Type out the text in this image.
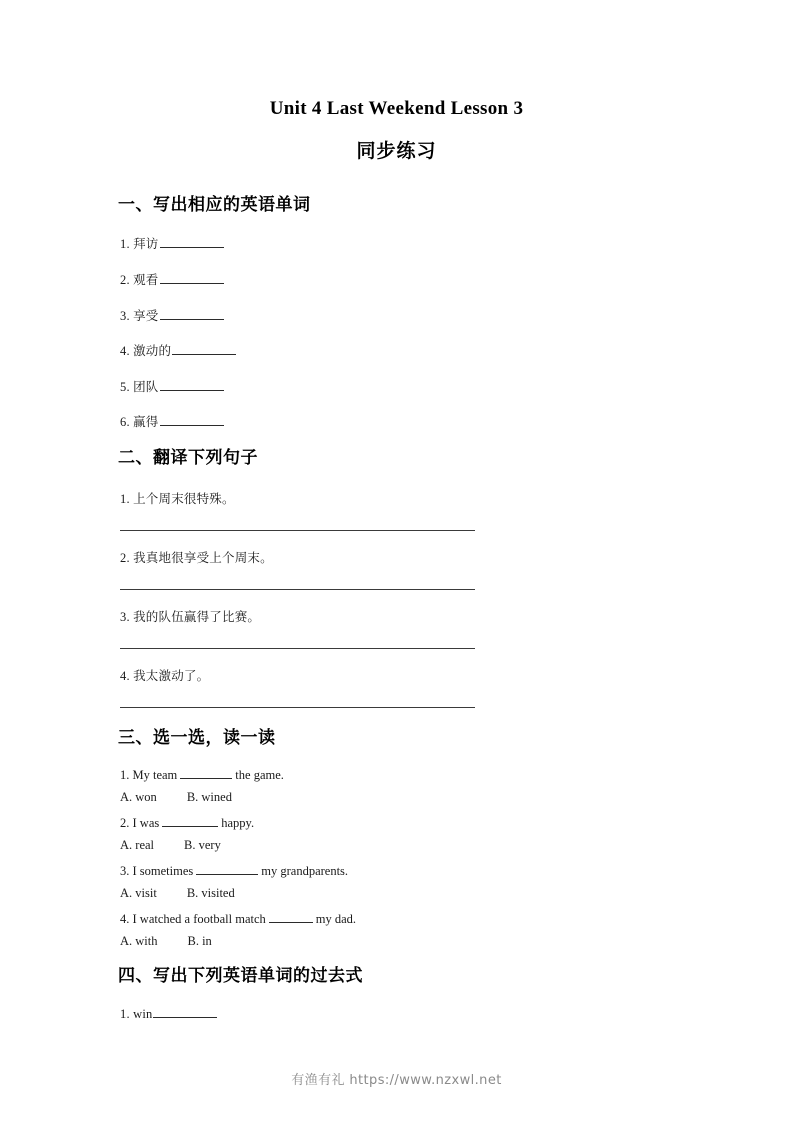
Unit 4 Last Weekend Lesson 3
同步练习
一、写出相应的英语单词
1. 拜访
2. 观看
3. 享受
4. 激动的
5. 团队
6. 赢得
二、翻译下列句子
1. 上个周末很特殊。
2. 我真地很享受上个周末。
3. 我的队伍赢得了比赛。
4. 我太激动了。
三、选一选，读一读
1. My team	the game.
A. won B. wined
2. I was	happy.
A. real B. very
3. I sometimes	my grandparents.
A. visit B. visited
4. I watched a football match	my dad.
A. with B. in
四、写出下列英语单词的过去式
1. win
有渔有礼 https://www.nzxwl.net
